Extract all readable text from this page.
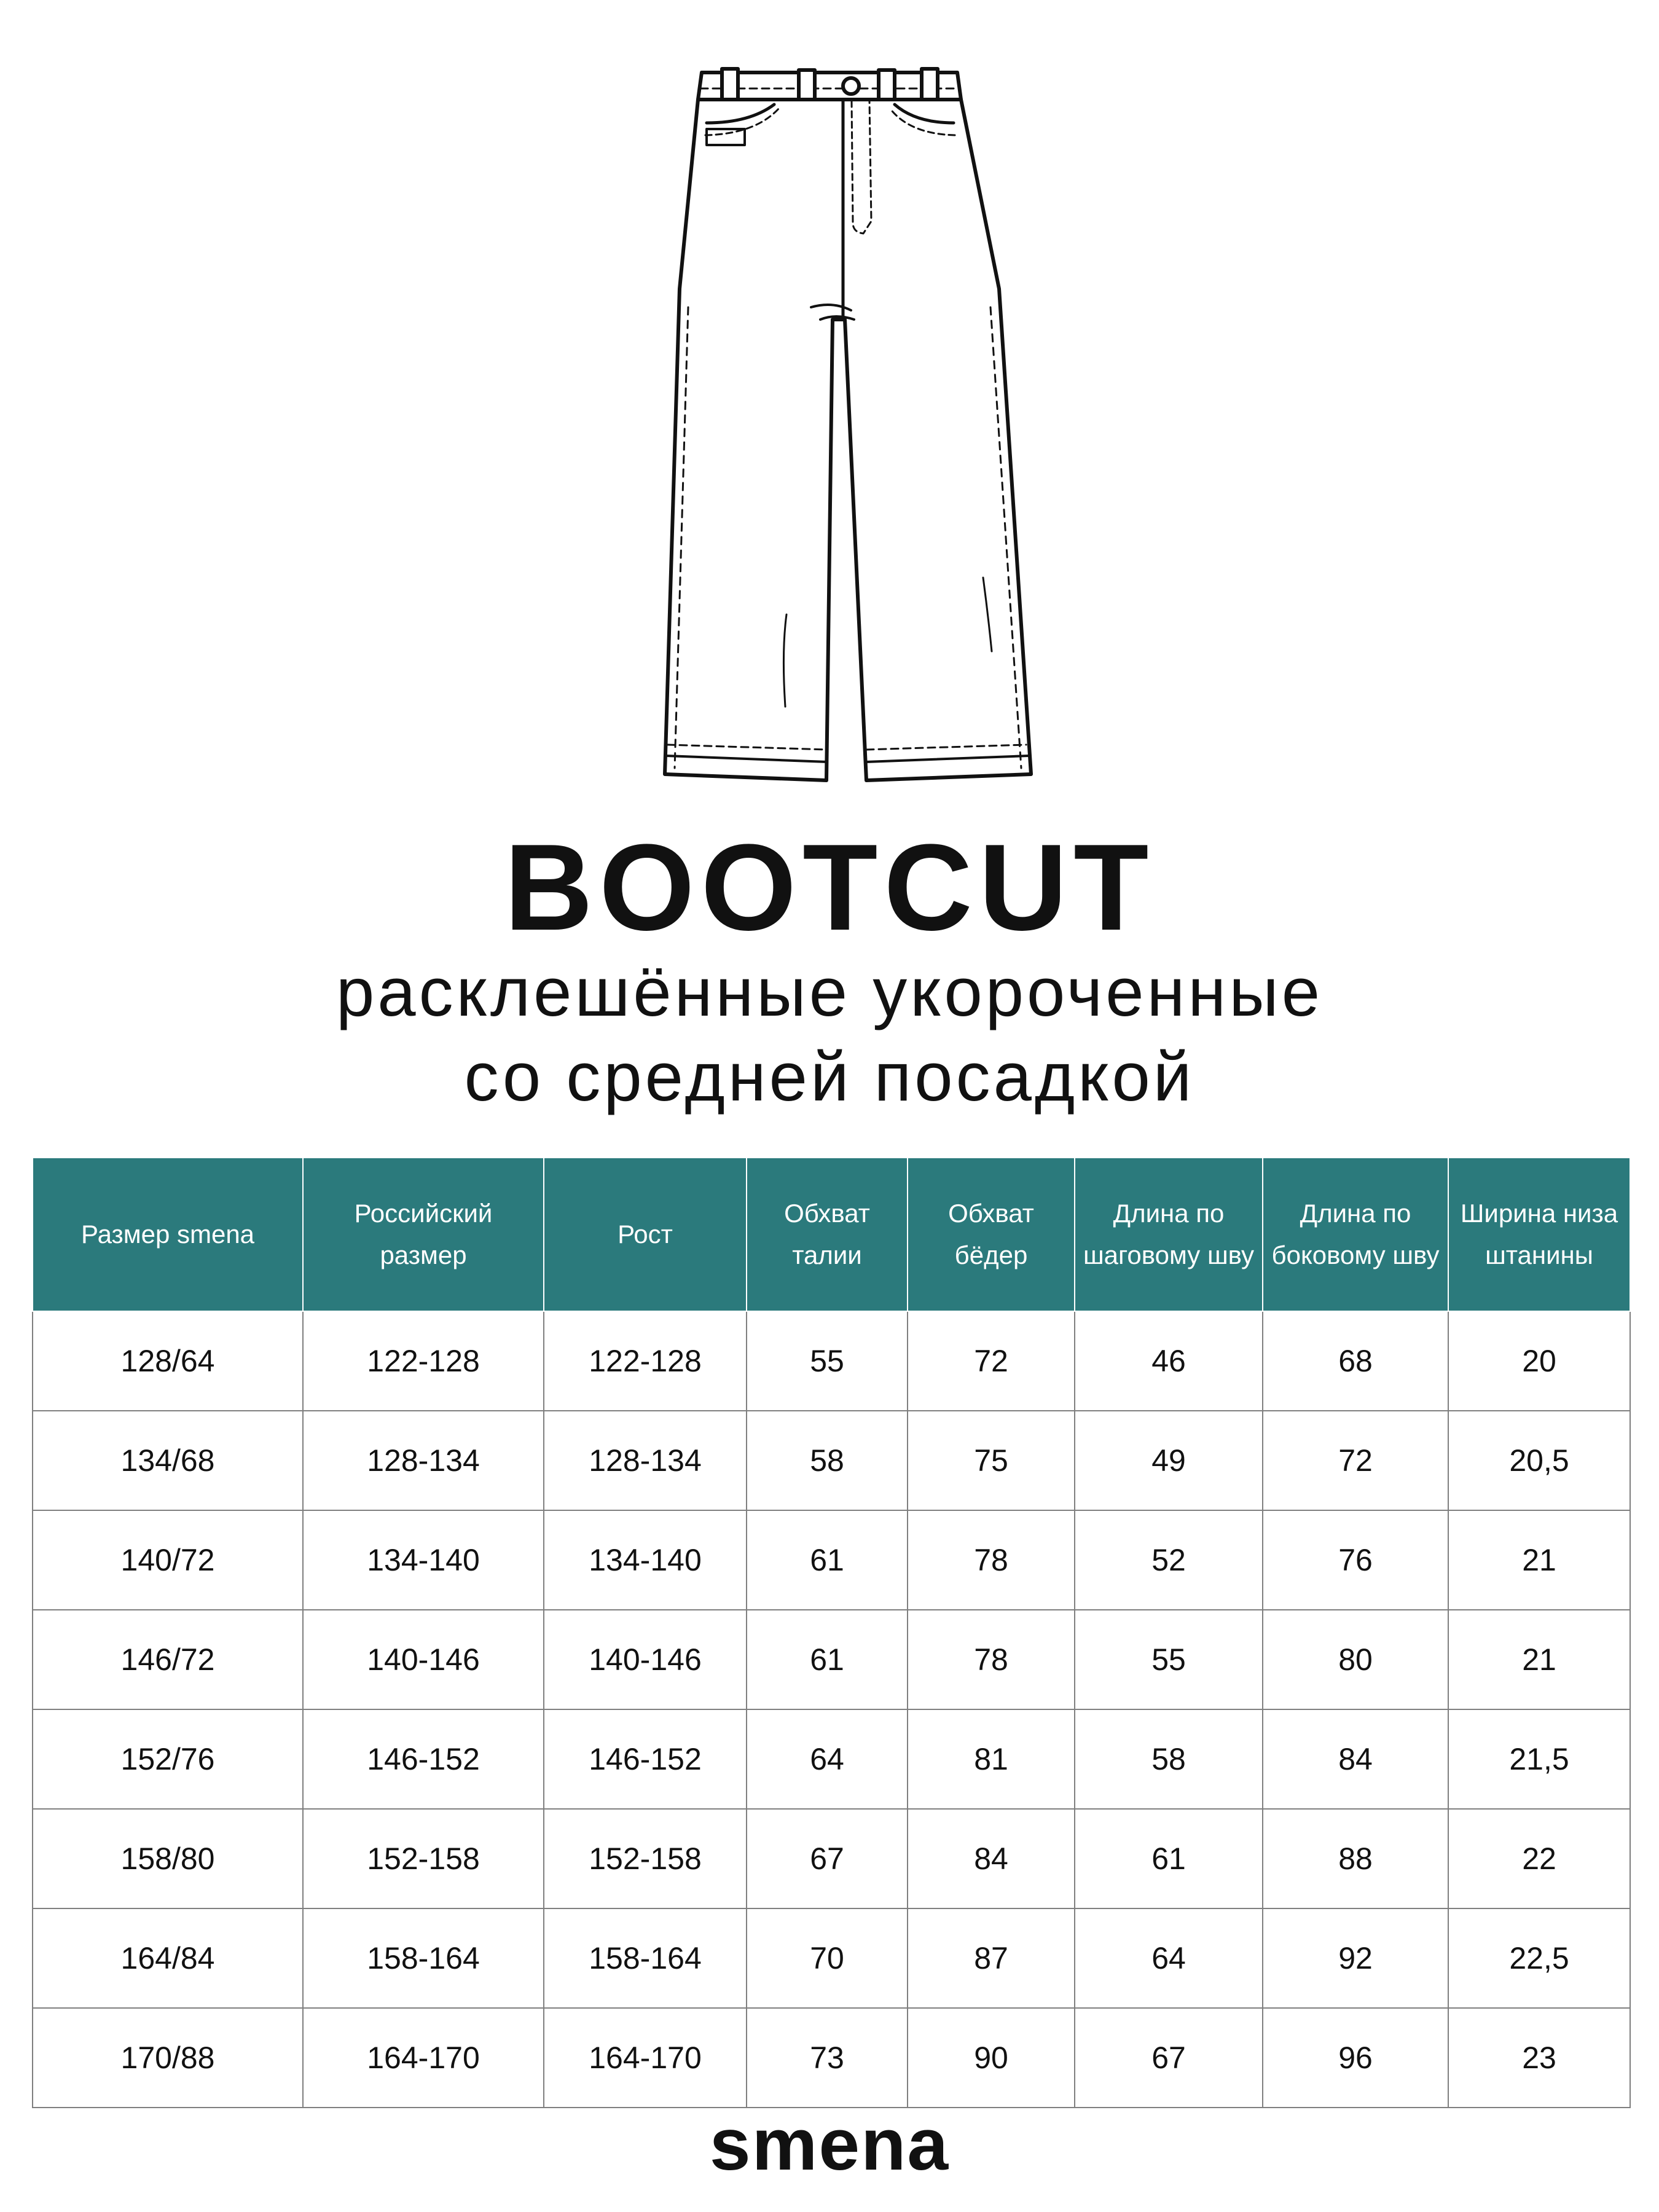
BOOTCUT
расклешённые укороченные
со средней посадкой
Размер smena	Российский размер	Рост	Обхват талии	Обхват бёдер	Длина по шаговому шву	Длина по боковому шву	Ширина низа штанины
128/64	122-128	122-128	55	72	46	68	20
134/68	128-134	128-134	58	75	49	72	20,5
140/72	134-140	134-140	61	78	52	76	21
146/72	140-146	140-146	61	78	55	80	21
152/76	146-152	146-152	64	81	58	84	21,5
158/80	152-158	152-158	67	84	61	88	22
164/84	158-164	158-164	70	87	64	92	22,5
170/88	164-170	164-170	73	90	67	96	23
smena
